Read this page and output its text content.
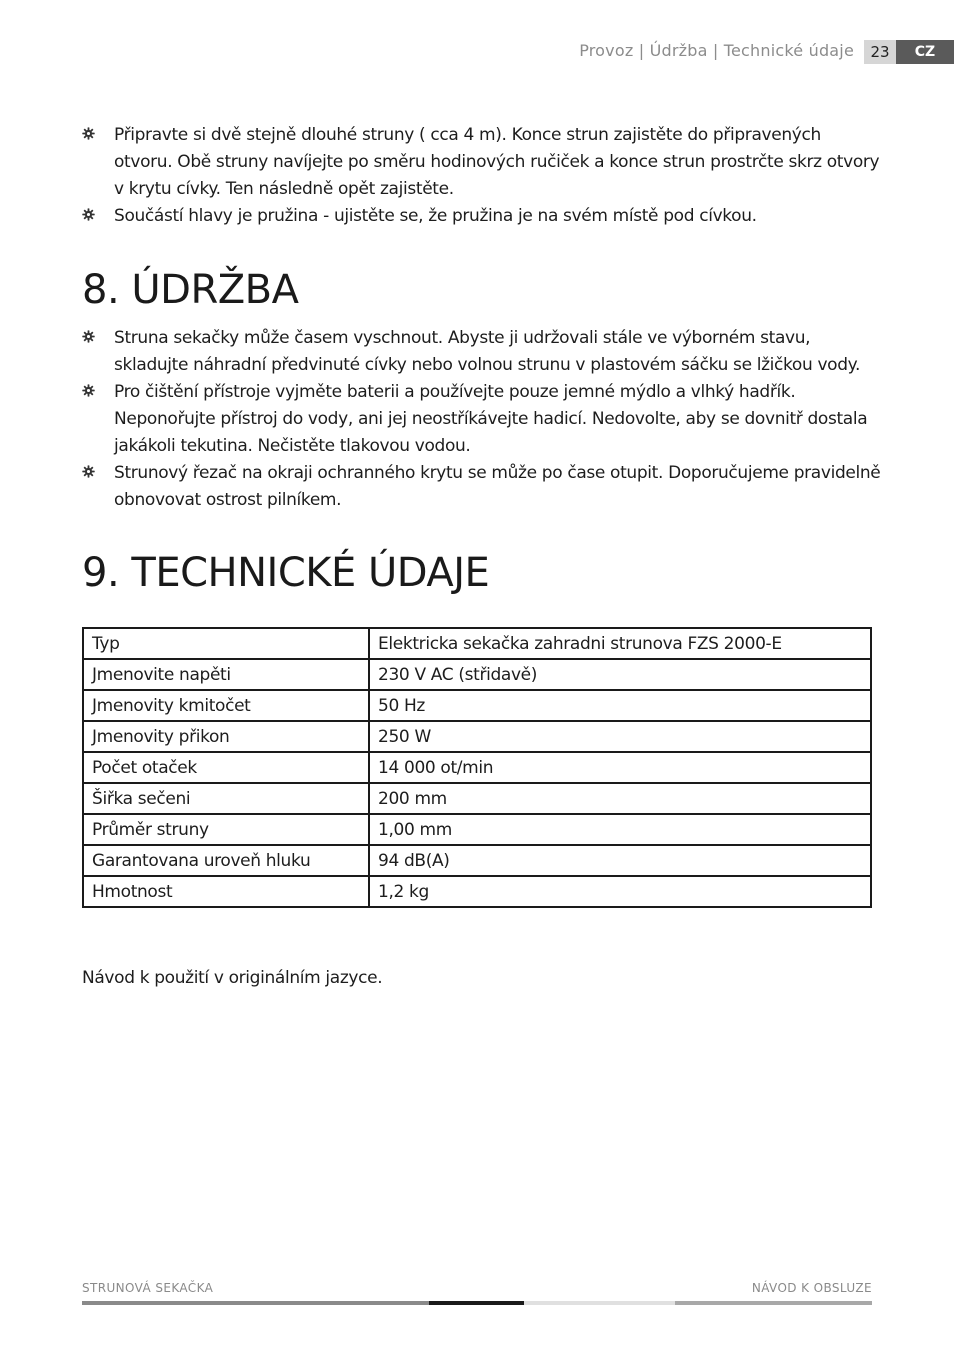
Provoz | Údržba | Technické údaje	23	CZ
Připravte si dvě stejně dlouhé struny ( cca 4 m). Konce strun zajistěte do připravených otvoru. Obě struny navíjejte po směru hodinových ručiček a konce strun prostrčte skrz otvory v krytu cívky. Ten následně opět zajistěte.
Součástí hlavy je pružina - ujistěte se, že pružina je na svém místě pod cívkou.
8. ÚDRŽBA
Struna sekačky může časem vyschnout. Abyste ji udržovali stále ve výborném stavu, skladujte náhradní předvinuté cívky nebo volnou strunu v plastovém sáčku se lžičkou vody.
Pro čištění přístroje vyjměte baterii a používejte pouze jemné mýdlo a vlhký hadřík. Neponořujte přístroj do vody, ani jej neostříkávejte hadicí. Nedovolte, aby se dovnitř dostala jakákoli tekutina. Nečistěte tlakovou vodou.
Strunový řezač na okraji ochranného krytu se může po čase otupit. Doporučujeme pravidelně obnovovat ostrost pilníkem.
9. TECHNICKÉ ÚDAJE
Typ	Elektricka sekačka zahradni strunova FZS 2000-E
Jmenovite napěti	230 V AC (střidavě)
Jmenovity kmitočet	50 Hz
Jmenovity přikon	250 W
Počet otaček	14 000 ot/min
Šiřka sečeni	200 mm
Průměr struny	1,00 mm
Garantovana uroveň hluku	94 dB(A)
Hmotnost	1,2 kg
Návod k použití v originálním jazyce.
STRUNOVÁ SEKAČKA	NÁVOD K OBSLUZE
